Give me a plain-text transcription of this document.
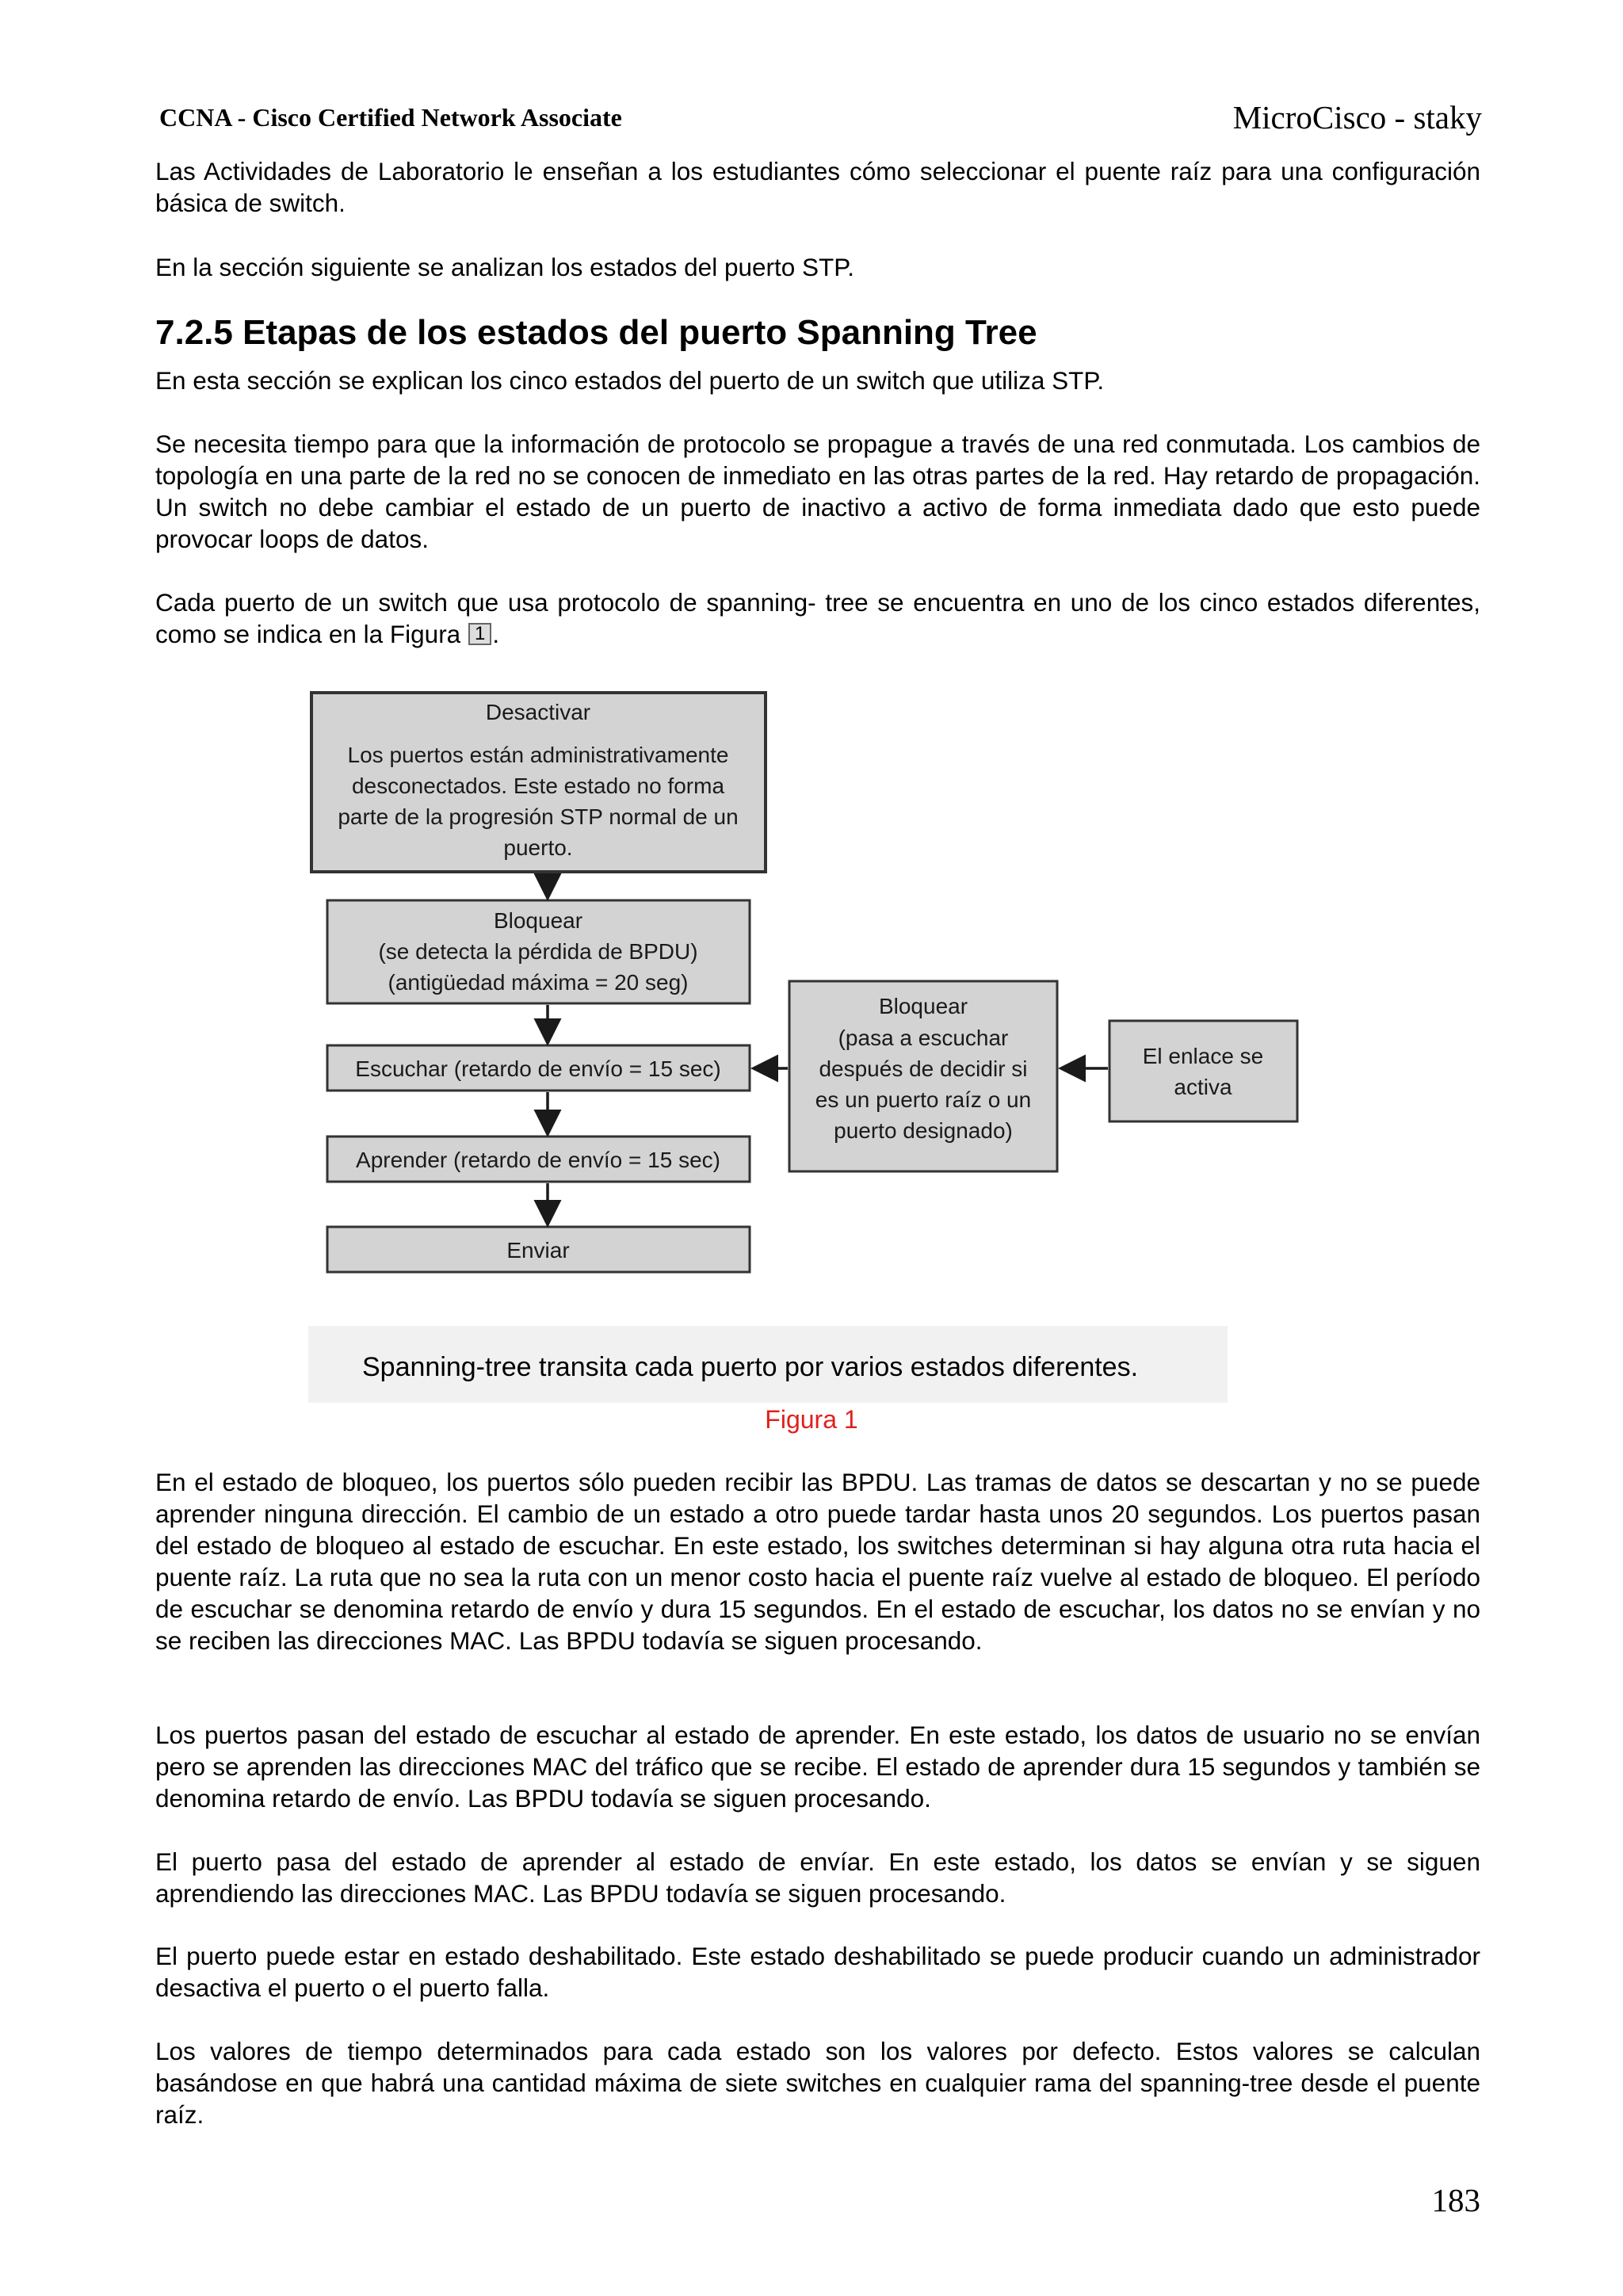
CCNA - Cisco Certified Network Associate	MicroCisco - staky

Las Actividades de Laboratorio le enseñan a los estudiantes cómo seleccionar el puente raíz para una configuración básica de switch.

En la sección siguiente se analizan los estados del puerto STP.

7.2.5 Etapas de los estados del puerto Spanning Tree

En esta sección se explican los cinco estados del puerto de un switch que utiliza STP.

Se necesita tiempo para que la información de protocolo se propague a través de una red conmutada. Los cambios de topología en una parte de la red no se conocen de inmediato en las otras partes de la red. Hay retardo de propagación. Un switch no debe cambiar el estado de un puerto de inactivo a activo de forma inmediata dado que esto puede provocar loops de datos.

Cada puerto de un switch que usa protocolo de spanning- tree se encuentra en uno de los cinco estados diferentes, como se indica en la Figura 1 .

Desactivar
Los puertos están administrativamente
desconectados. Este estado no forma
parte de la progresión STP normal de un
puerto.
Bloquear
(se detecta la pérdida de BPDU)
(antigüedad máxima = 20 seg)
Escuchar (retardo de envío = 15 sec)
Aprender (retardo de envío = 15 sec)
Enviar
Bloquear
(pasa a escuchar
después de decidir si
es un puerto raíz o un
puerto designado)
El enlace se
activa
Spanning-tree transita cada puerto por varios estados diferentes.
Figura 1

En el estado de bloqueo, los puertos sólo pueden recibir las BPDU. Las tramas de datos se descartan y no se puede aprender ninguna dirección. El cambio de un estado a otro puede tardar hasta unos 20 segundos. Los puertos pasan del estado de bloqueo al estado de escuchar. En este estado, los switches determinan si hay alguna otra ruta hacia el puente raíz. La ruta que no sea la ruta con un menor costo hacia el puente raíz vuelve al estado de bloqueo. El período de escuchar se denomina retardo de envío y dura 15 segundos. En el estado de escuchar, los datos no se envían y no se reciben las direcciones MAC. Las BPDU todavía se siguen procesando.

Los puertos pasan del estado de escuchar al estado de aprender. En este estado, los datos de usuario no se envían pero se aprenden las direcciones MAC del tráfico que se recibe. El estado de aprender dura 15 segundos y también se denomina retardo de envío. Las BPDU todavía se siguen procesando.

El puerto pasa del estado de aprender al estado de envíar. En este estado, los datos se envían y se siguen aprendiendo las direcciones MAC. Las BPDU todavía se siguen procesando.

El puerto puede estar en estado deshabilitado. Este estado deshabilitado se puede producir cuando un administrador desactiva el puerto o el puerto falla.

Los valores de tiempo determinados para cada estado son los valores por defecto. Estos valores se calculan basándose en que habrá una cantidad máxima de siete switches en cualquier rama del spanning-tree desde el puente raíz.

183
